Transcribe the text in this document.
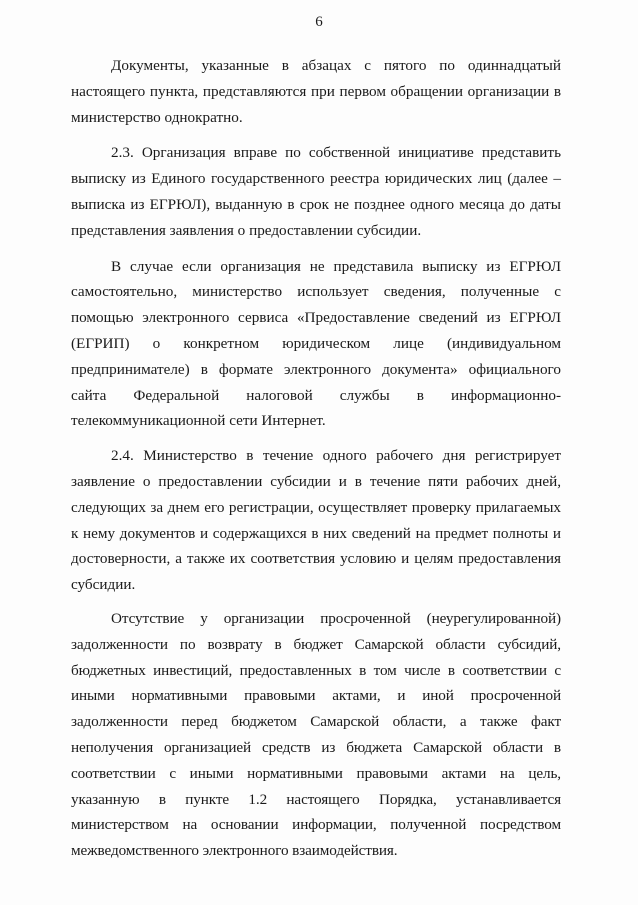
6

Документы, указанные в абзацах с пятого по одиннадцатый настоящего пункта, представляются при первом обращении организации в министерство однократно.

2.3. Организация вправе по собственной инициативе представить выписку из Единого государственного реестра юридических лиц (далее – выписка из ЕГРЮЛ), выданную в срок не позднее одного месяца до даты представления заявления о предоставлении субсидии.

В случае если организация не представила выписку из ЕГРЮЛ самостоятельно, министерство использует сведения, полученные с помощью электронного сервиса «Предоставление сведений из ЕГРЮЛ (ЕГРИП) о конкретном юридическом лице (индивидуальном предпринимателе) в формате электронного документа» официального сайта Федеральной налоговой службы в информационно-телекоммуникационной сети Интернет.

2.4. Министерство в течение одного рабочего дня регистрирует заявление о предоставлении субсидии и в течение пяти рабочих дней, следующих за днем его регистрации, осуществляет проверку прилагаемых к нему документов и содержащихся в них сведений на предмет полноты и достоверности, а также их соответствия условию и целям предоставления субсидии.

Отсутствие у организации просроченной (неурегулированной) задолженности по возврату в бюджет Самарской области субсидий, бюджетных инвестиций, предоставленных в том числе в соответствии с иными нормативными правовыми актами, и иной просроченной задолженности перед бюджетом Самарской области, а также факт неполучения организацией средств из бюджета Самарской области в соответствии с иными нормативными правовыми актами на цель, указанную в пункте 1.2 настоящего Порядка, устанавливается министерством на основании информации, полученной посредством межведомственного электронного взаимодействия.
